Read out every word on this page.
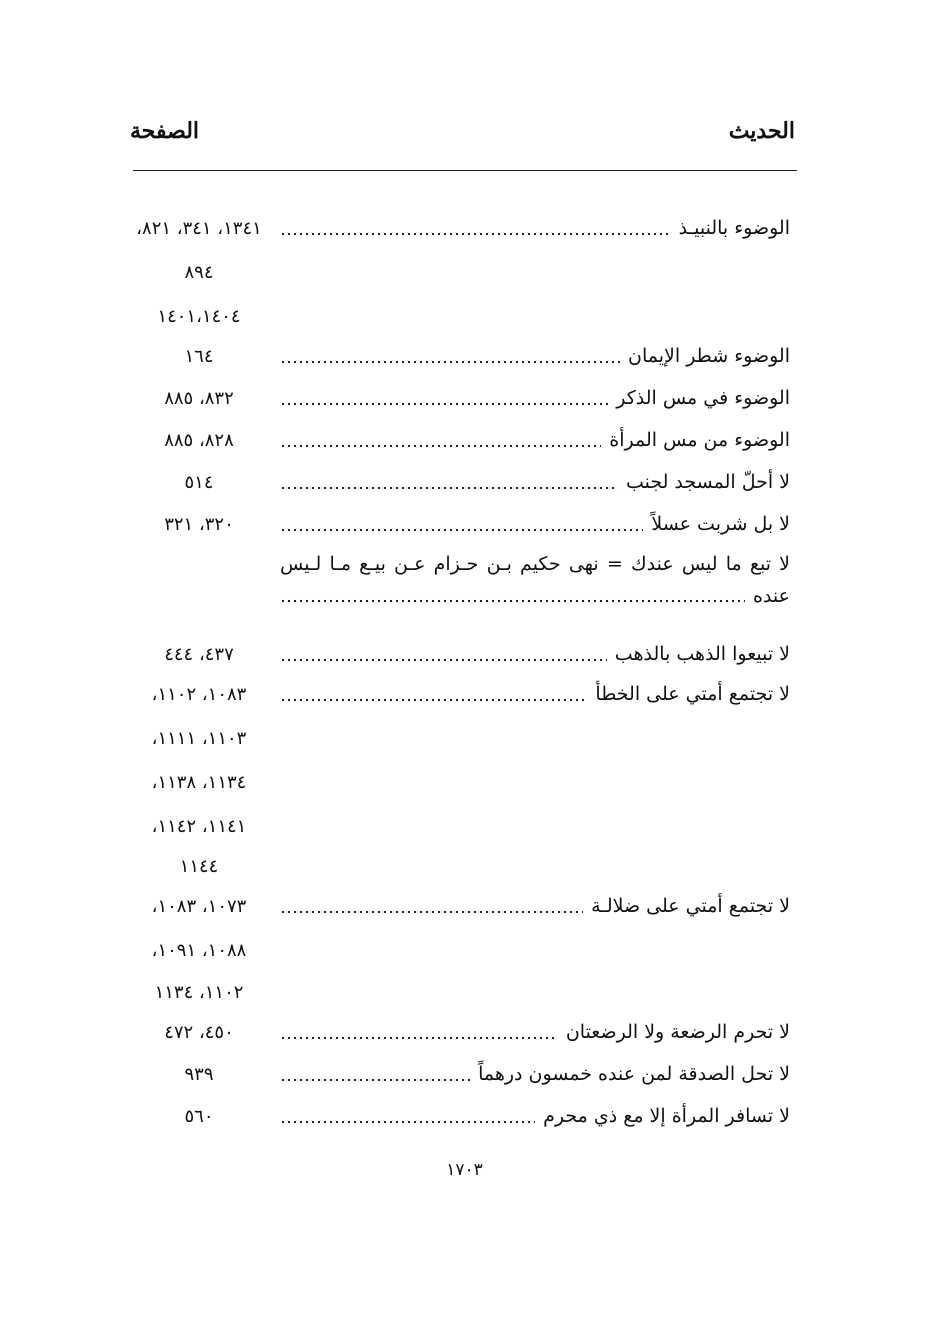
الحديث
الصفحة
الوضوء بالنبيـذ
١٣٤١، ٣٤١، ٨٢١،
٨٩٤
١٤٠١،١٤٠٤
الوضوء شطر الإيمان
١٦٤
الوضوء في مس الذكر
٨٣٢، ٨٨٥
الوضوء من مس المرأة
٨٢٨، ٨٨٥
لا أحلّ المسجد لجنب
٥١٤
لا بل شربت عسلاً
٣٢٠، ٣٢١
لا تبع ما ليس عندك = نهى حكيم بـن حـزام عـن بيـع مـا لـيس
عنده
لا تبيعوا الذهب بالذهب
٤٣٧، ٤٤٤
لا تجتمع أمتي على الخطأ
١٠٨٣، ١١٠٢،
١١٠٣، ١١١١،
١١٣٤، ١١٣٨،
١١٤١، ١١٤٢،
١١٤٤
لا تجتمع أمتي على ضلالـة
١٠٧٣، ١٠٨٣،
١٠٨٨، ١٠٩١،
١١٠٢، ١١٣٤
لا تحرم الرضعة ولا الرضعتان
٤٥٠، ٤٧٢
لا تحل الصدقة لمن عنده خمسون درهماً
٩٣٩
لا تسافر المرأة إلا مع ذي محرم
٥٦٠
١٧٠٣
